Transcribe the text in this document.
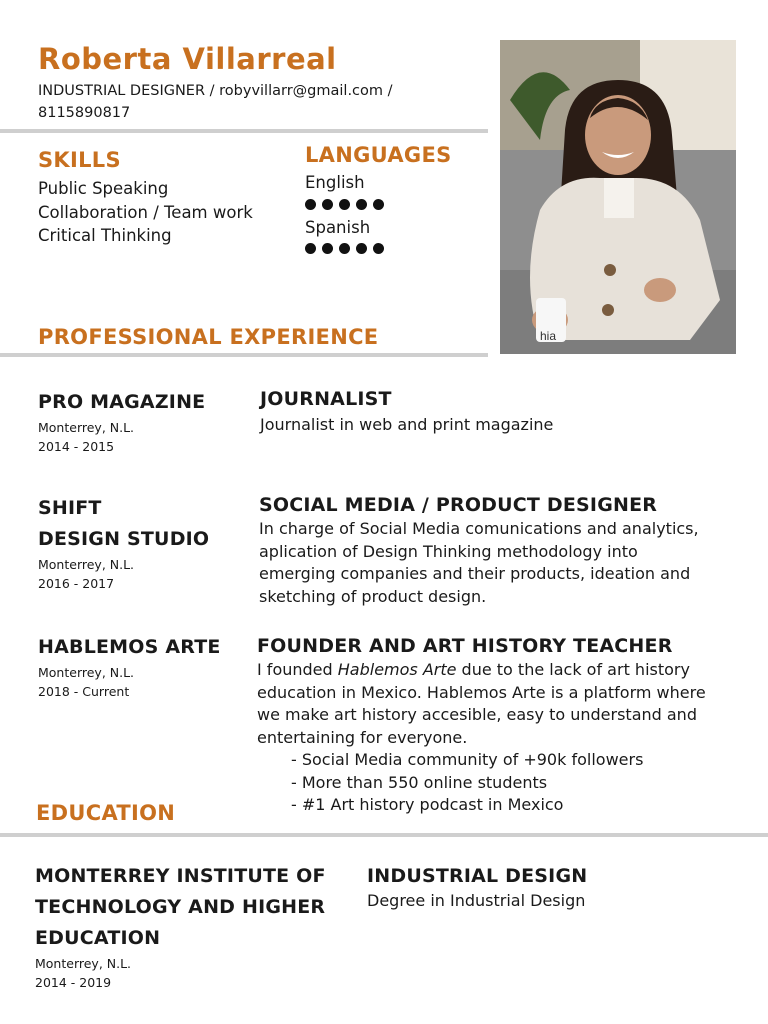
Roberta Villarreal
INDUSTRIAL DESIGNER / robyvillarr@gmail.com /
8115890817
SKILLS
Public Speaking
Collaboration / Team work
Critical Thinking
LANGUAGES
English
Spanish
hia
PROFESSIONAL EXPERIENCE
PRO MAGAZINE
Monterrey, N.L.
2014 - 2015
JOURNALIST
Journalist in web and print magazine
SHIFT
DESIGN STUDIO
Monterrey, N.L.
2016 - 2017
SOCIAL MEDIA / PRODUCT DESIGNER
In charge of Social Media comunications and analytics,
aplication of Design Thinking methodology into
emerging companies and their products, ideation and
sketching of product design.
HABLEMOS ARTE
Monterrey, N.L.
2018 - Current
FOUNDER AND ART HISTORY TEACHER
I founded Hablemos Arte due to the lack of art history
education in Mexico. Hablemos Arte is a platform where
we make art history accesible, easy to understand and
entertaining for everyone.
- Social Media community of +90k followers
- More than 550 online students
- #1 Art history podcast in Mexico
EDUCATION
MONTERREY INSTITUTE OF
TECHNOLOGY AND HIGHER
EDUCATION
Monterrey, N.L.
2014 - 2019
INDUSTRIAL DESIGN
Degree in Industrial Design
